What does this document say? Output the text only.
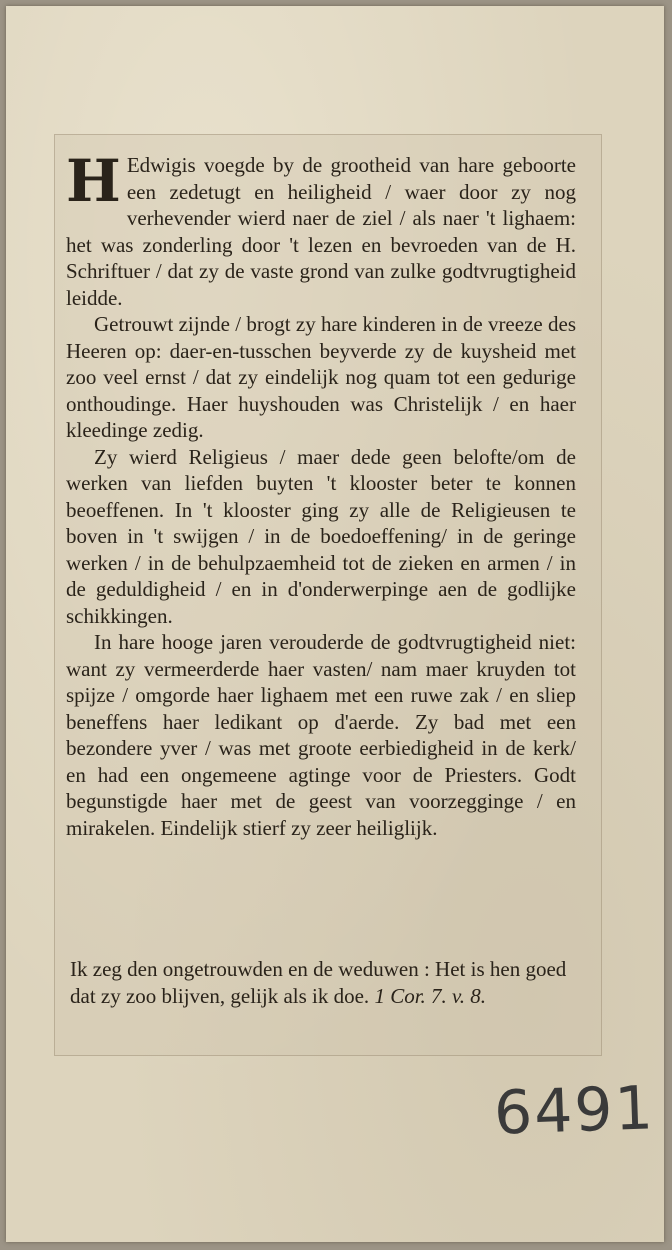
H Edwigis voegde by de grootheid van hare geboorte een zedetugt en heiligheid / waer door zy nog verhevender wierd naer de ziel / als naer 't lighaem: het was zonderling door 't lezen en bevroeden van de H. Schriftuer / dat zy de vaste grond van zulke godtvrugtigheid leidde.

Getrouwt zijnde / brogt zy hare kinderen in de vreeze des Heeren op: daer-en-tusschen beyverde zy de kuysheid met zoo veel ernst / dat zy eindelijk nog quam tot een gedurige onthoudinge. Haer huyshouden was Christelijk / en haer kleedinge zedig.

Zy wierd Religieus / maer dede geen belofte/om de werken van liefden buyten 't klooster beter te konnen beoeffenen. In 't klooster ging zy alle de Religieusen te boven in 't swijgen / in de boedoeffening/ in de geringe werken / in de behulpzaemheid tot de zieken en armen / in de geduldigheid / en in d'onderwerpinge aen de godlijke schikkingen.

In hare hooge jaren verouderde de godtvrugtigheid niet: want zy vermeerderde haer vasten/ nam maer kruyden tot spijze / omgorde haer lighaem met een ruwe zak / en sliep beneffens haer ledikant op d'aerde. Zy bad met een bezondere yver / was met groote eerbiedigheid in de kerk/ en had een ongemeene agtinge voor de Priesters. Godt begunstigde haer met de geest van voorzegginge / en mirakelen. Eindelijk stierf zy zeer heiliglijk.

Ik zeg den ongetrouwden en de weduwen : Het is hen goed dat zy zoo blijven, gelijk als ik doe. 1 Cor. 7. v. 8.

6491
